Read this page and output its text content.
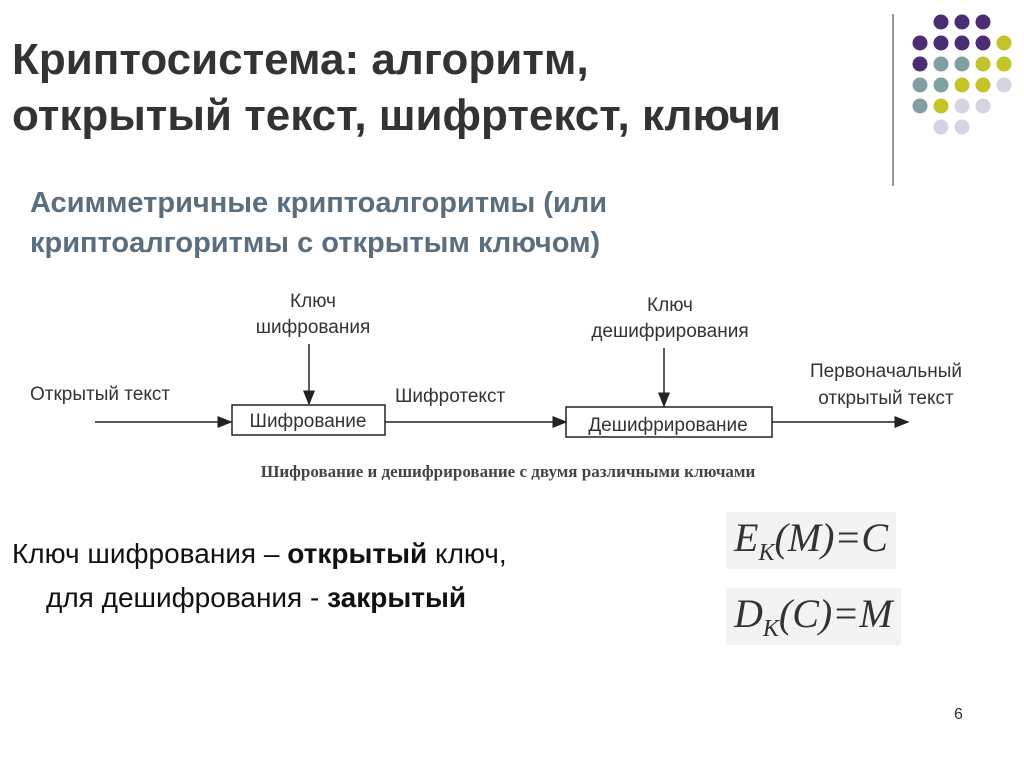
Криптосистема: алгоритм,
открытый текст, шифртекст, ключи
Асимметричные криптоалгоритмы (или
криптоалгоритмы с открытым ключом)
Открытый текст
Ключ
шифрования
Шифрование
Шифротекст
Ключ
дешифрирования
Дешифрирование
Первоначальный
открытый текст
Шифрование и дешифрирование с двумя различными ключами
Ключ шифрования – открытый ключ,
для дешифрования - закрытый
$E_K(M)=C$
$D_K(C)=M$
6
